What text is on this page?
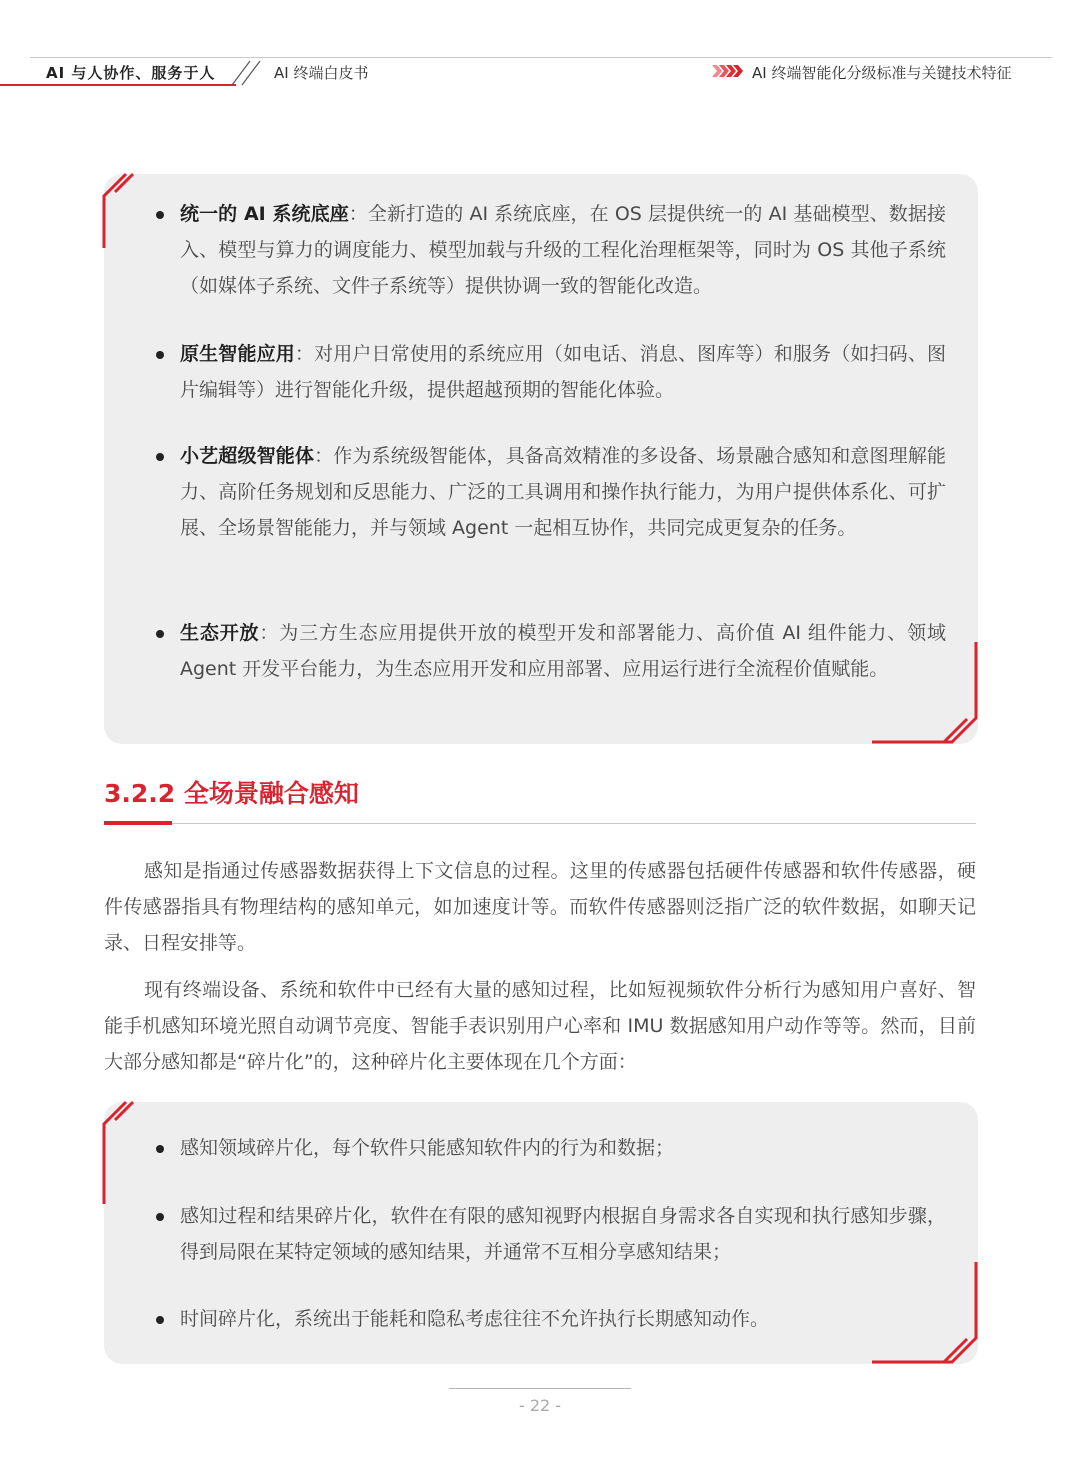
AI 与人协作、服务于人	AI 终端白皮书	AI 终端智能化分级标准与关键技术特征
统一的 AI 系统底座：全新打造的 AI 系统底座，在 OS 层提供统一的 AI 基础模型、数据接入、模型与算力的调度能力、模型加载与升级的工程化治理框架等，同时为 OS 其他子系统（如媒体子系统、文件子系统等）提供协调一致的智能化改造。
原生智能应用：对用户日常使用的系统应用（如电话、消息、图库等）和服务（如扫码、图片编辑等）进行智能化升级，提供超越预期的智能化体验。
小艺超级智能体：作为系统级智能体，具备高效精准的多设备、场景融合感知和意图理解能力、高阶任务规划和反思能力、广泛的工具调用和操作执行能力，为用户提供体系化、可扩展、全场景智能能力，并与领域 Agent 一起相互协作，共同完成更复杂的任务。
生态开放：为三方生态应用提供开放的模型开发和部署能力、高价值 AI 组件能力、领域 Agent 开发平台能力，为生态应用开发和应用部署、应用运行进行全流程价值赋能。
3.2.2 全场景融合感知
感知是指通过传感器数据获得上下文信息的过程。这里的传感器包括硬件传感器和软件传感器，硬件传感器指具有物理结构的感知单元，如加速度计等。而软件传感器则泛指广泛的软件数据，如聊天记录、日程安排等。
现有终端设备、系统和软件中已经有大量的感知过程，比如短视频软件分析行为感知用户喜好、智能手机感知环境光照自动调节亮度、智能手表识别用户心率和 IMU 数据感知用户动作等等。然而，目前大部分感知都是“碎片化”的，这种碎片化主要体现在几个方面：
感知领域碎片化，每个软件只能感知软件内的行为和数据；
感知过程和结果碎片化，软件在有限的感知视野内根据自身需求各自实现和执行感知步骤，得到局限在某特定领域的感知结果，并通常不互相分享感知结果；
时间碎片化，系统出于能耗和隐私考虑往往不允许执行长期感知动作。
- 22 -
